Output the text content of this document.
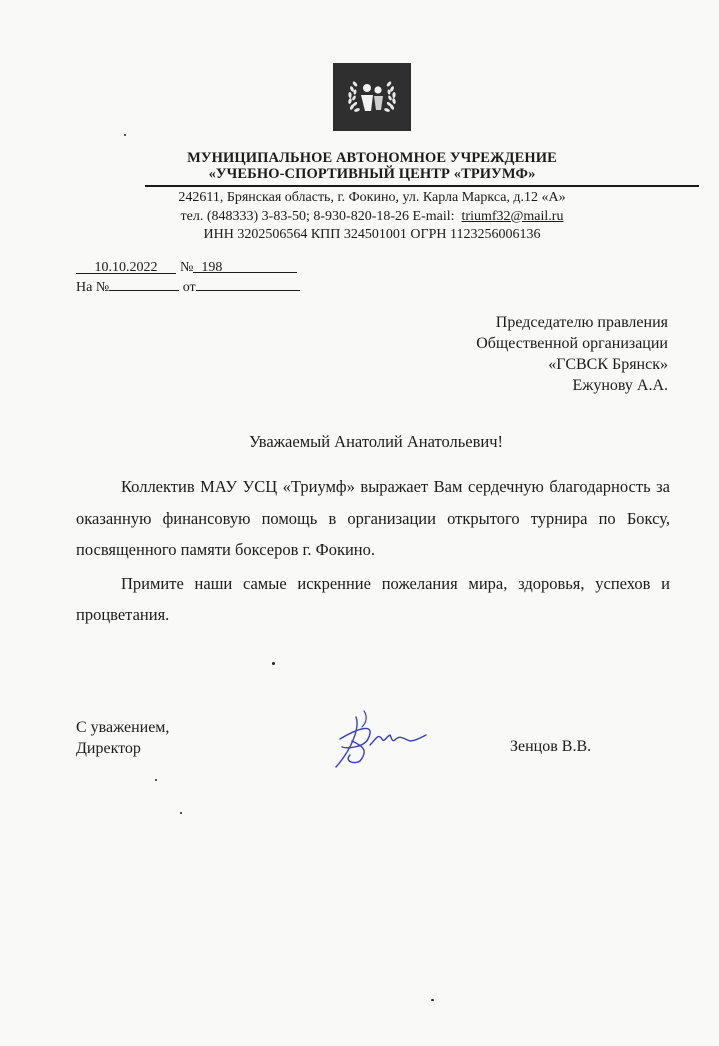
МУНИЦИПАЛЬНОЕ АВТОНОМНОЕ УЧРЕЖДЕНИЕ
«УЧЕБНО-СПОРТИВНЫЙ ЦЕНТР «ТРИУМФ»
242611, Брянская область, г. Фокино, ул. Карла Маркса, д.12 «А»
тел. (848333) 3-83-50; 8-930-820-18-26 E-mail: triumf32@mail.ru
ИНН 3202506564 КПП 324501001 ОГРН 1123256006136
10.10.2022 № 198
На №	от
Председателю правления
Общественной организации
«ГСВСК Брянск»
Ежунову А.А.
Уважаемый Анатолий Анатольевич!

Коллектив МАУ УСЦ «Триумф» выражает Вам сердечную благодарность за оказанную финансовую помощь в организации открытого турнира по Боксу, посвященного памяти боксеров г. Фокино.

Примите наши самые искренние пожелания мира, здоровья, успехов и процветания.

С уважением,
Директор	Зенцов В.В.
